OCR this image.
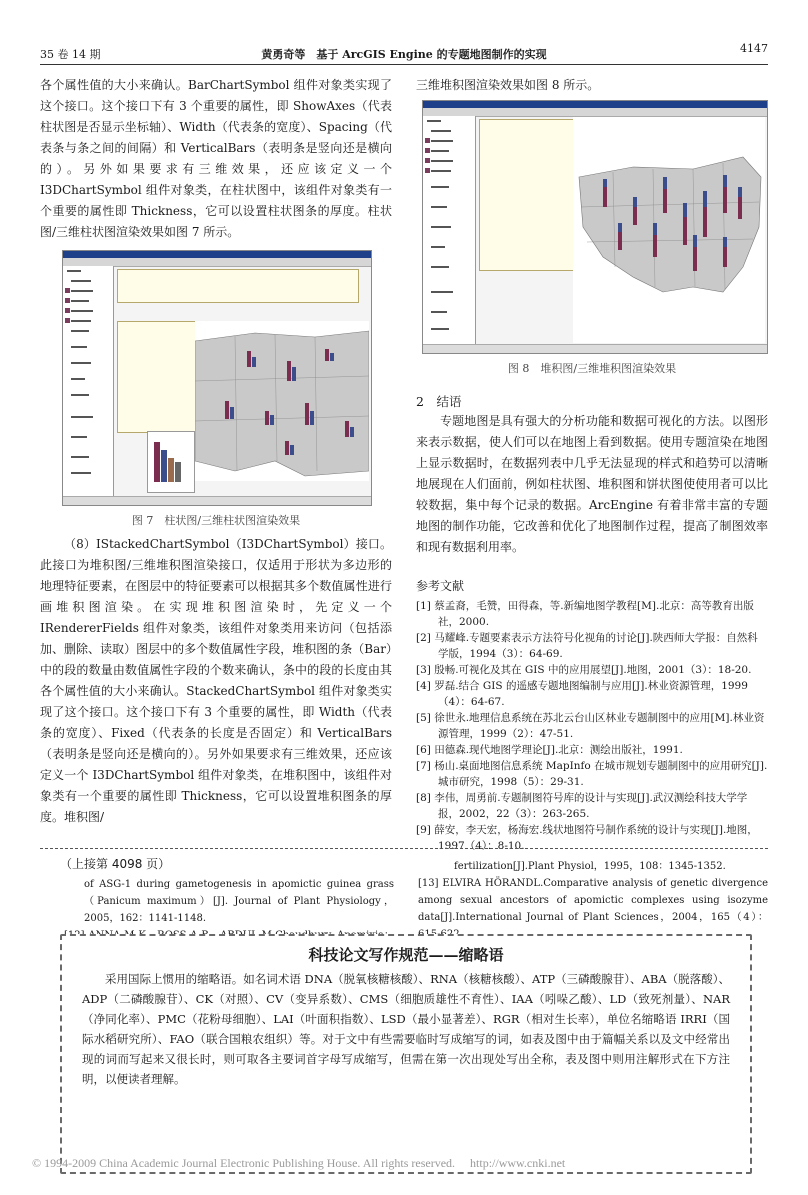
35 卷 14 期	黄勇奇等　基于 ArcGIS Engine 的专题地图制作的实现	4147

各个属性值的大小来确认。BarChartSymbol 组件对象类实现了这个接口。这个接口下有 3 个重要的属性，即 ShowAxes（代表柱状图是否显示坐标轴）、Width（代表条的宽度）、Spacing（代表条与条之间的间隔）和 VerticalBars（表明条是竖向还是横向的）。另外如果要求有三维效果，还应该定义一个 I3DChartSymbol 组件对象类，在柱状图中，该组件对象类有一个重要的属性即 Thickness，它可以设置柱状图条的厚度。柱状图/三维柱状图渲染效果如图 7 所示。

图 7　柱状图/三维柱状图渲染效果

（8）IStackedChartSymbol（I3DChartSymbol）接口。此接口为堆积图/三维堆积图渲染接口，仅适用于形状为多边形的地理特征要素，在图层中的特征要素可以根据其多个数值属性进行画堆积图渲染。在实现堆积图渲染时，先定义一个 IRendererFields 组件对象类，该组件对象类用来访问（包括添加、删除、读取）图层中的多个数值属性字段，堆积图的条（Bar）中的段的数量由数值属性字段的个数来确认，条中的段的长度由其各个属性值的大小来确认。StackedChartSymbol 组件对象类实现了这个接口。这个接口下有 3 个重要的属性，即 Width（代表条的宽度）、Fixed（代表条的长度是否固定）和 VerticalBars（表明条是竖向还是横向的）。另外如果要求有三维效果，还应该定义一个 I3DChartSymbol 组件对象类，在堆积图中，该组件对象类有一个重要的属性即 Thickness，它可以设置堆积图条的厚度。堆积图/

三维堆积图渲染效果如图 8 所示。

图 8　堆积图/三维堆积图渲染效果
2　结语

专题地图是具有强大的分析功能和数据可视化的方法。以图形来表示数据，使人们可以在地图上看到数据。使用专题渲染在地图上显示数据时，在数据列表中几乎无法显现的样式和趋势可以清晰地展现在人们面前，例如柱状图、堆积图和饼状图使使用者可以比较数据，集中每个记录的数据。ArcEngine 有着非常丰富的专题地图的制作功能，它改善和优化了地图制作过程，提高了制图效率和现有数据利用率。

参考文献

[1] 蔡孟裔，毛赞，田得森，等.新编地图学教程[M].北京：高等教育出版社，2000.

[2] 马耀峰.专题要素表示方法符号化视角的讨论[J].陕西师大学报：自然科学版，1994（3）：64-69.

[3] 殷畅.可视化及其在 GIS 中的应用展望[J].地图，2001（3）：18-20.

[4] 罗磊.结合 GIS 的遥感专题地图编制与应用[J].林业资源管理，1999（4）：64-67.

[5] 徐世永.地理信息系统在苏北云台山区林业专题制图中的应用[M].林业资源管理，1999（2）：47-51.

[6] 田德森.现代地图学理论[J].北京：测绘出版社，1991.

[7] 杨山.桌面地图信息系统 MapInfo 在城市规划专题制图中的应用研究[J].城市研究，1998（5）：29-31.

[8] 李伟，周勇前.专题制图符号库的设计与实现[J].武汉测绘科技大学学报，2002，22（3）：263-265.

[9] 薛安，李天宏，杨海宏.线状地图符号制作系统的设计与实现[J].地图，1997（4）：8-10.

（上接第 4098 页）

of ASG-1 during gametogenesis in apomictic guinea grass（Panicum maximum）[J]. Journal of Plant Physiology，2005，162：1141-1148.

fertilization[J].Plant Physiol，1995，108：1345-1352.

[13] ELVIRA HÖRANDL.Comparative analysis of genetic divergence among sexual ancestors of apomictic complexes using isozyme data[J].International Journal of Plant Sciences，2004，165（4）：

科技论文写作规范——缩略语
采用国际上惯用的缩略语。如名词术语 DNA（脱氧核糖核酸）、RNA（核糖核酸）、ATP（三磷酸腺苷）、ABA（脱落酸）、ADP（二磷酸腺苷）、CK（对照）、CV（变异系数）、CMS（细胞质雄性不育性）、IAA（吲哚乙酸）、LD（致死剂量）、NAR（净同化率）、PMC（花粉母细胞）、LAI（叶面积指数）、LSD（最小显著差）、RGR（相对生长率），单位名缩略语 IRRI（国际水稻研究所）、FAO（联合国粮农组织）等。对于文中有些需要临时写成缩写的词，如表及图中由于篇幅关系以及文中经常出现的词而写起来又很长时，则可取各主要词首字母写成缩写，但需在第一次出现处写出全称，表及图中则用注解形式在下方注明，以便读者理解。
© 1994-2009 China Academic Journal Electronic Publishing House. All rights reserved.　 http://www.cnki.net
